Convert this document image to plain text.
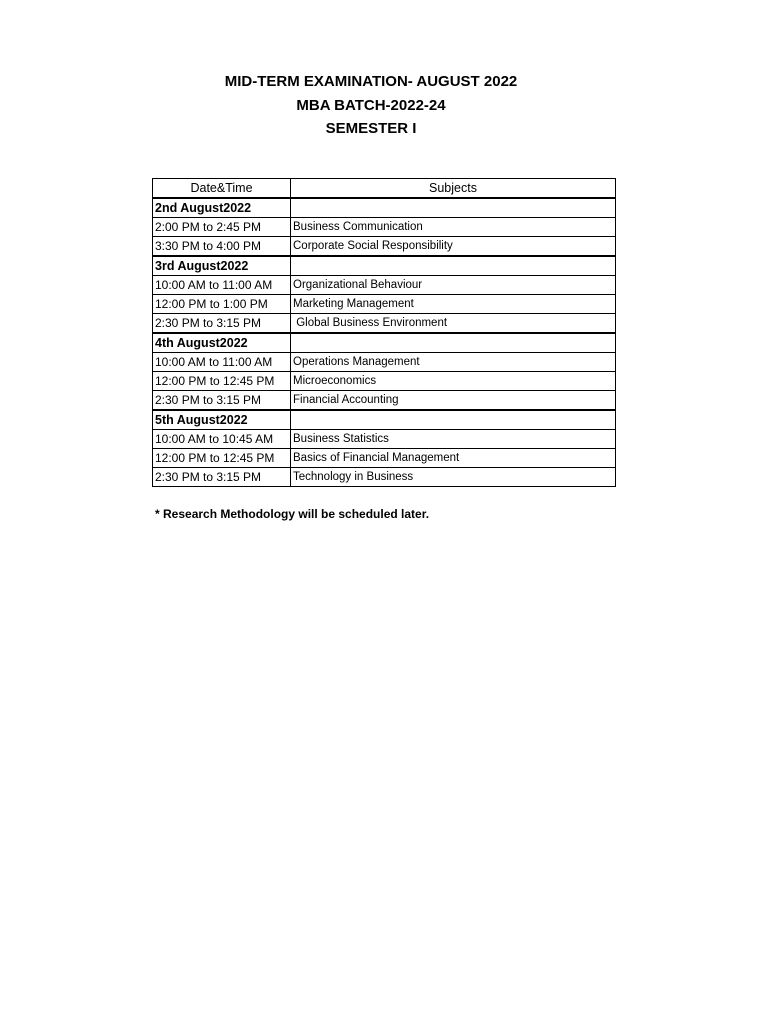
MID-TERM EXAMINATION- AUGUST 2022
MBA BATCH-2022-24
SEMESTER I
Date&Time	Subjects
2nd August2022	
2:00 PM to 2:45 PM	Business Communication
3:30 PM to 4:00 PM	Corporate Social Responsibility
3rd August2022	
10:00 AM to 11:00 AM	Organizational Behaviour
12:00 PM to 1:00 PM	Marketing Management
2:30 PM to 3:15 PM	Global Business Environment
4th August2022	
10:00 AM to 11:00 AM	Operations Management
12:00 PM to 12:45 PM	Microeconomics
2:30 PM to 3:15 PM	Financial Accounting
5th August2022	
10:00 AM to 10:45 AM	Business Statistics
12:00 PM to 12:45 PM	Basics of Financial Management
2:30 PM to 3:15 PM	Technology in Business
* Research Methodology will be scheduled later.
